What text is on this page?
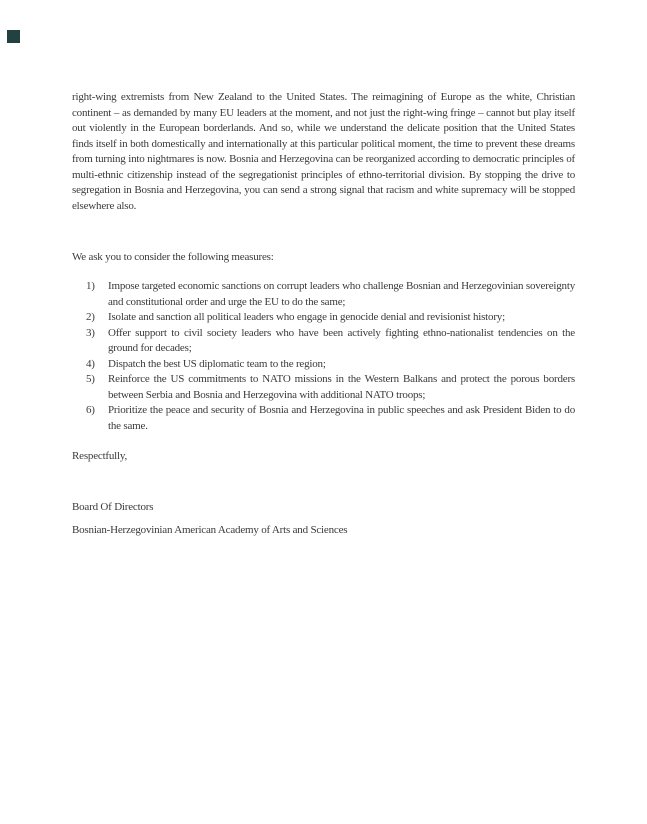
right-wing extremists from New Zealand to the United States. The reimagining of Europe as the white, Christian continent – as demanded by many EU leaders at the moment, and not just the right-wing fringe – cannot but play itself out violently in the European borderlands. And so, while we understand the delicate position that the United States finds itself in both domestically and internationally at this particular political moment, the time to prevent these dreams from turning into nightmares is now. Bosnia and Herzegovina can be reorganized according to democratic principles of multi-ethnic citizenship instead of the segregationist principles of ethno-territorial division. By stopping the drive to segregation in Bosnia and Herzegovina, you can send a strong signal that racism and white supremacy will be stopped elsewhere also.

We ask you to consider the following measures:

1) Impose targeted economic sanctions on corrupt leaders who challenge Bosnian and Herzegovinian sovereignty and constitutional order and urge the EU to do the same;
2) Isolate and sanction all political leaders who engage in genocide denial and revisionist history;
3) Offer support to civil society leaders who have been actively fighting ethno-nationalist tendencies on the ground for decades;
4) Dispatch the best US diplomatic team to the region;
5) Reinforce the US commitments to NATO missions in the Western Balkans and protect the porous borders between Serbia and Bosnia and Herzegovina with additional NATO troops;
6) Prioritize the peace and security of Bosnia and Herzegovina in public speeches and ask President Biden to do the same.

Respectfully,

Board Of Directors

Bosnian-Herzegovinian American Academy of Arts and Sciences
